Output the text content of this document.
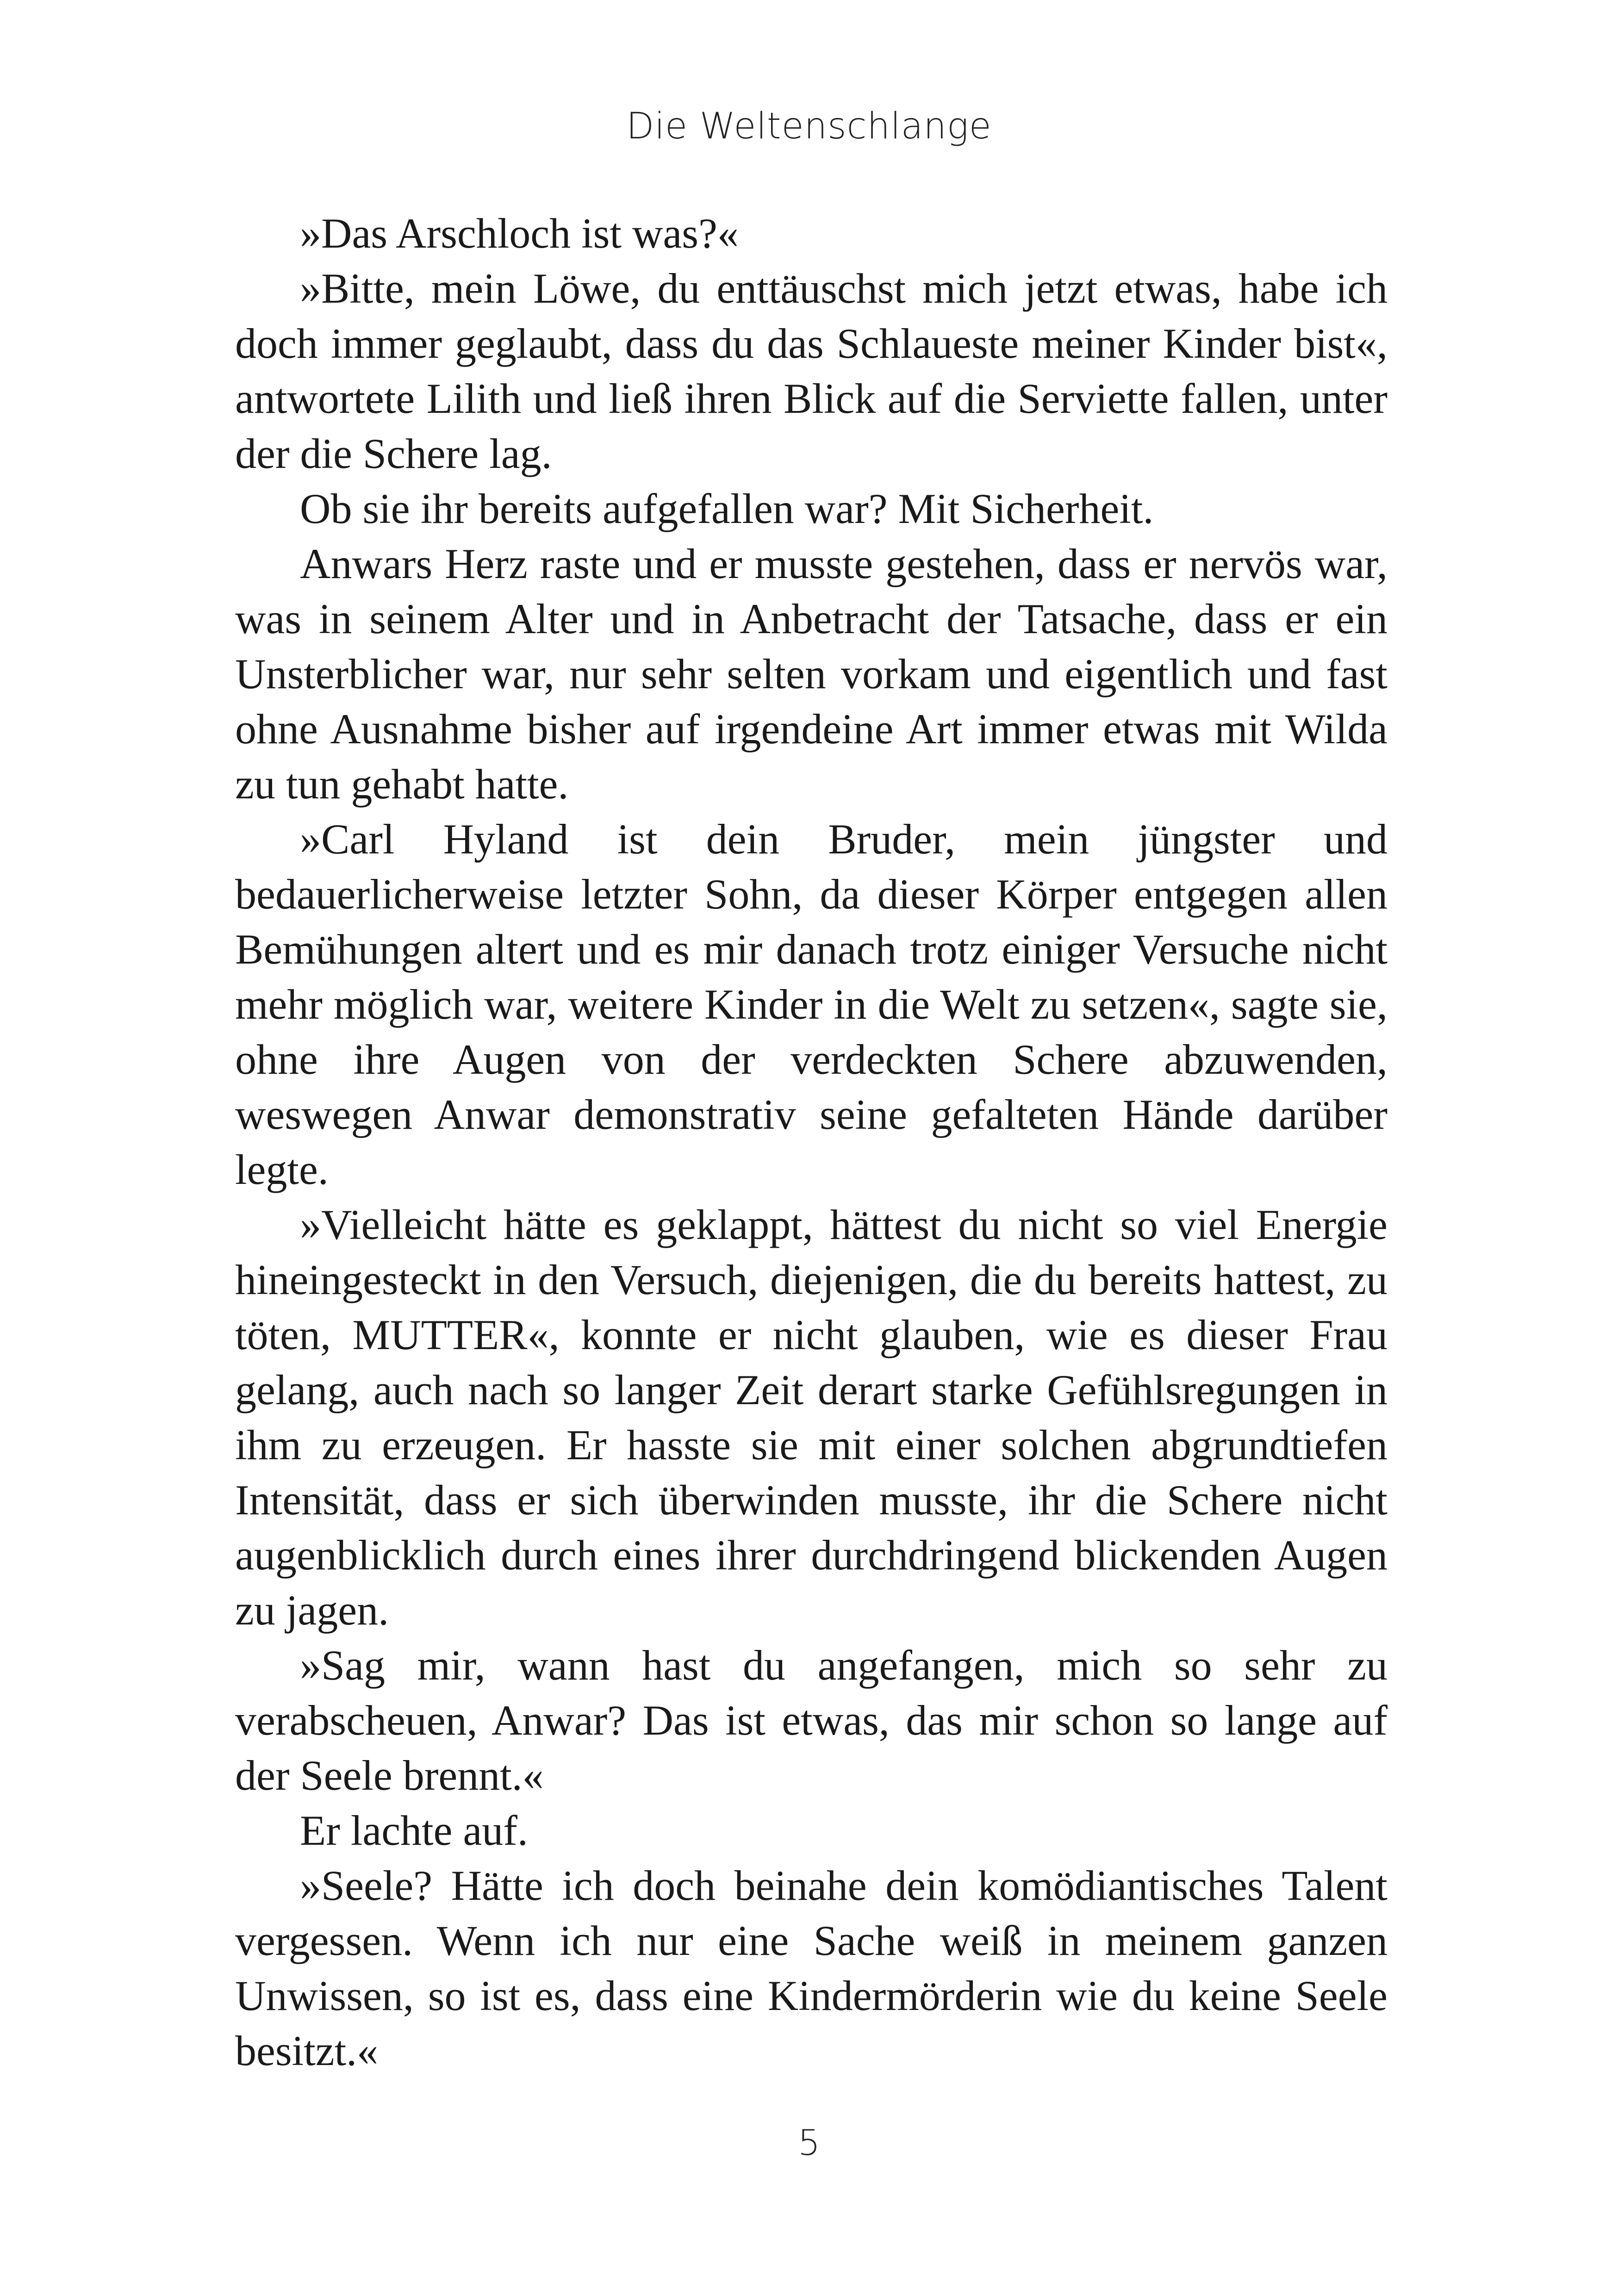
Die Weltenschlange

»Das Arschloch ist was?«

»Bitte, mein Löwe, du enttäuschst mich jetzt etwas, habe ich doch immer geglaubt, dass du das Schlaueste meiner Kinder bist«, antwortete Lilith und ließ ihren Blick auf die Serviette fallen, unter der die Schere lag.

Ob sie ihr bereits aufgefallen war? Mit Sicherheit.

Anwars Herz raste und er musste gestehen, dass er nervös war, was in seinem Alter und in Anbetracht der Tatsache, dass er ein Unsterblicher war, nur sehr selten vorkam und eigentlich und fast ohne Ausnahme bisher auf irgendeine Art immer etwas mit Wilda zu tun gehabt hatte.

»Carl Hyland ist dein Bruder, mein jüngster und bedauerlicherweise letzter Sohn, da dieser Körper entgegen allen Bemühungen altert und es mir danach trotz einiger Versuche nicht mehr möglich war, weitere Kinder in die Welt zu setzen«, sagte sie, ohne ihre Augen von der verdeckten Schere abzuwenden, weswegen Anwar demonstrativ seine gefalteten Hände darüber legte.

»Vielleicht hätte es geklappt, hättest du nicht so viel Energie hineingesteckt in den Versuch, diejenigen, die du bereits hattest, zu töten, MUTTER«, konnte er nicht glauben, wie es dieser Frau gelang, auch nach so langer Zeit derart starke Gefühlsregungen in ihm zu erzeugen. Er hasste sie mit einer solchen abgrundtiefen Intensität, dass er sich überwinden musste, ihr die Schere nicht augenblicklich durch eines ihrer durchdringend blickenden Augen zu jagen.

»Sag mir, wann hast du angefangen, mich so sehr zu verabscheuen, Anwar? Das ist etwas, das mir schon so lange auf der Seele brennt.«

Er lachte auf.

»Seele? Hätte ich doch beinahe dein komödiantisches Talent vergessen. Wenn ich nur eine Sache weiß in meinem ganzen Unwissen, so ist es, dass eine Kindermörderin wie du keine Seele besitzt.«

5
